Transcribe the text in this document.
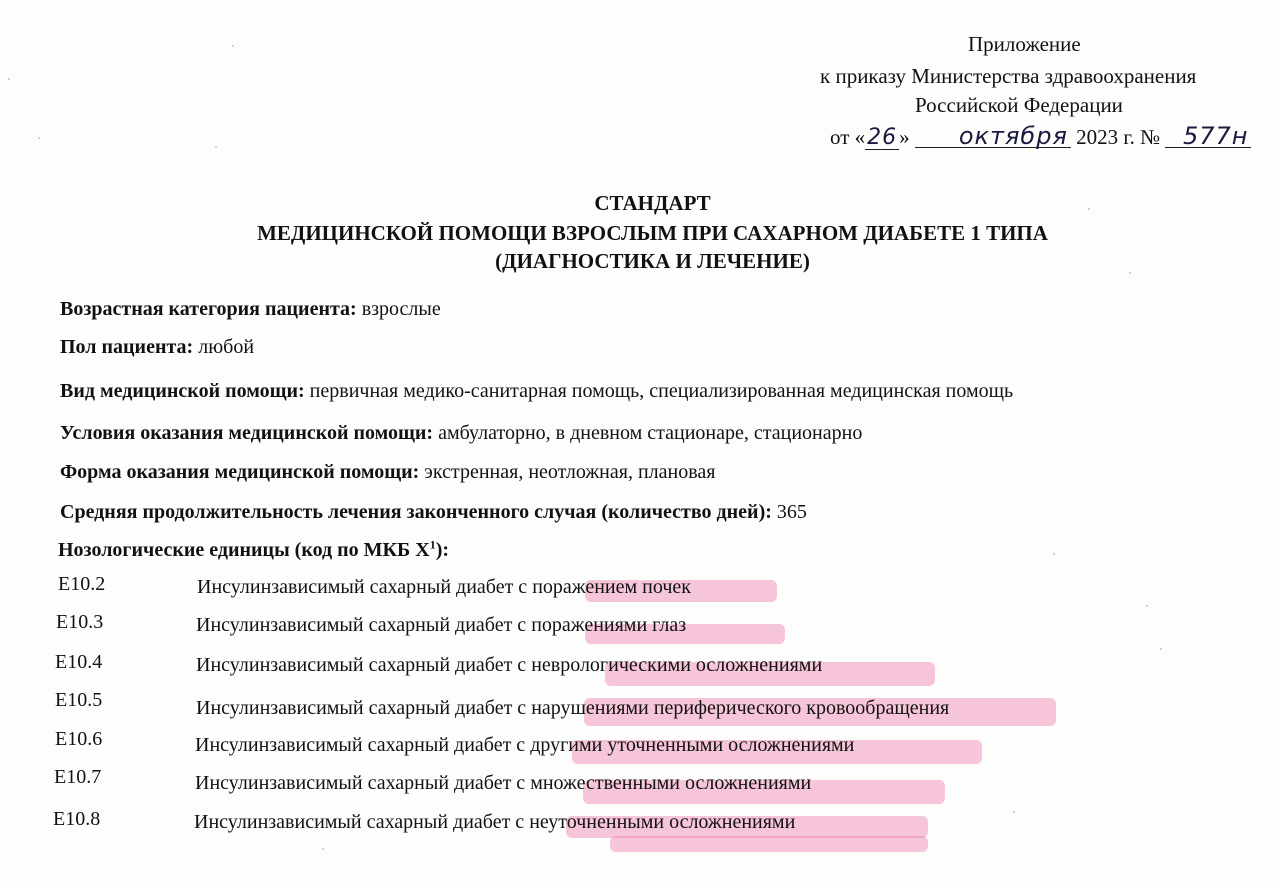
Приложение
к приказу Министерства здравоохранения
Российской Федерации
от «26» октября 2023 г. № 577н
СТАНДАРТ
МЕДИЦИНСКОЙ ПОМОЩИ ВЗРОСЛЫМ ПРИ САХАРНОМ ДИАБЕТЕ 1 ТИПА
(ДИАГНОСТИКА И ЛЕЧЕНИЕ)
Возрастная категория пациента: взрослые
Пол пациента: любой
Вид медицинской помощи: первичная медико-санитарная помощь, специализированная медицинская помощь
Условия оказания медицинской помощи: амбулаторно, в дневном стационаре, стационарно
Форма оказания медицинской помощи: экстренная, неотложная, плановая
Средняя продолжительность лечения законченного случая (количество дней): 365
Нозологические единицы (код по МКБ $X^1$):
E10.2	Инсулинзависимый сахарный диабет с поражением почек
E10.3	Инсулинзависимый сахарный диабет с поражениями глаз
E10.4	Инсулинзависимый сахарный диабет с неврологическими осложнениями
E10.5	Инсулинзависимый сахарный диабет с нарушениями периферического кровообращения
E10.6	Инсулинзависимый сахарный диабет с другими уточненными осложнениями
E10.7	Инсулинзависимый сахарный диабет с множественными осложнениями
E10.8	Инсулинзависимый сахарный диабет с неуточненными осложнениями
